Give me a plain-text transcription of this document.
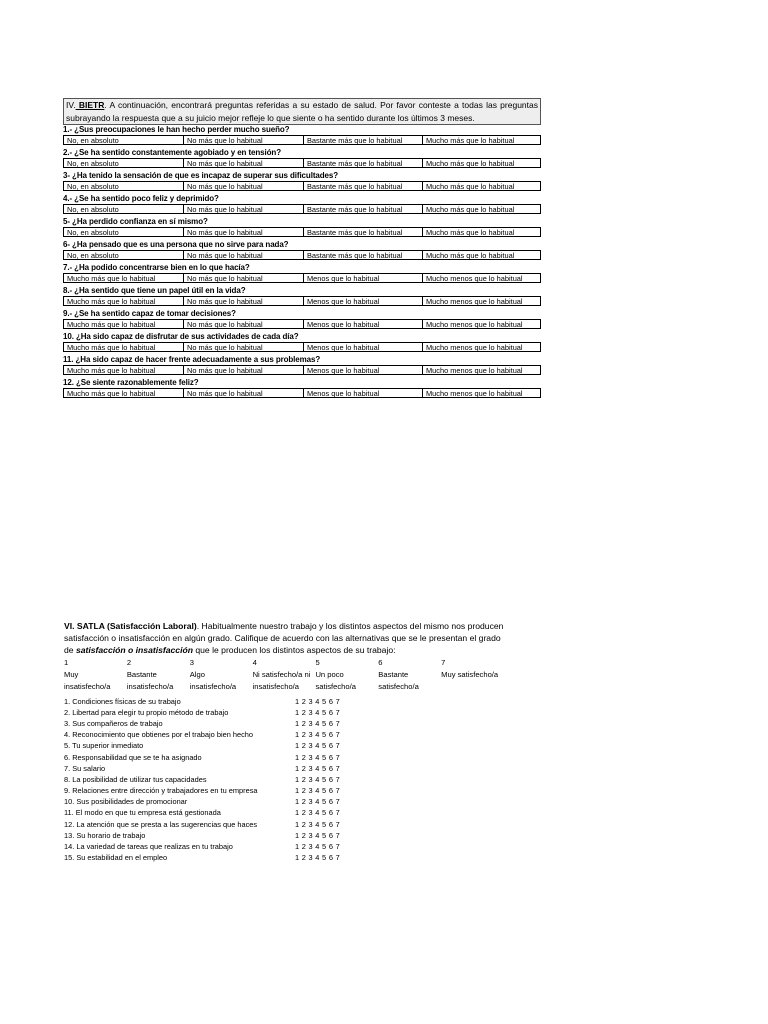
IV. BIETR. A continuación, encontrará preguntas referidas a su estado de salud. Por favor conteste a todas las preguntas subrayando la respuesta que a su juicio mejor refleje lo que siente o ha sentido durante los últimos 3 meses.
1.- ¿Sus preocupaciones le han hecho perder mucho sueño?
No, en absoluto	No más que lo habitual	Bastante más que lo habitual	Mucho más que lo habitual
2.- ¿Se ha sentido constantemente agobiado y en tensión?
No, en absoluto	No más que lo habitual	Bastante más que lo habitual	Mucho más que lo habitual
3- ¿Ha tenido la sensación de que es incapaz de superar sus dificultades?
No, en absoluto	No más que lo habitual	Bastante más que lo habitual	Mucho más que lo habitual
4.- ¿Se ha sentido poco feliz y deprimido?
No, en absoluto	No más que lo habitual	Bastante más que lo habitual	Mucho más que lo habitual
5- ¿Ha perdido confianza en sí mismo?
No, en absoluto	No más que lo habitual	Bastante más que lo habitual	Mucho más que lo habitual
6- ¿Ha pensado que es una persona que no sirve para nada?
No, en absoluto	No más que lo habitual	Bastante más que lo habitual	Mucho más que lo habitual
7.- ¿Ha podido concentrarse bien en lo que hacía?
Mucho más que lo habitual	No más que lo habitual	Menos que lo habitual	Mucho menos que lo habitual
8.- ¿Ha sentido que tiene un papel útil en la vida?
Mucho más que lo habitual	No más que lo habitual	Menos que lo habitual	Mucho menos que lo habitual
9.- ¿Se ha sentido capaz de tomar decisiones?
Mucho más que lo habitual	No más que lo habitual	Menos que lo habitual	Mucho menos que lo habitual
10. ¿Ha sido capaz de disfrutar de sus actividades de cada día?
Mucho más que lo habitual	No más que lo habitual	Menos que lo habitual	Mucho menos que lo habitual
11. ¿Ha sido capaz de hacer frente adecuadamente a sus problemas?
Mucho más que lo habitual	No más que lo habitual	Menos que lo habitual	Mucho menos que lo habitual
12. ¿Se siente razonablemente feliz?
Mucho más que lo habitual	No más que lo habitual	Menos que lo habitual	Mucho menos que lo habitual

VI. SATLA (Satisfacción Laboral). Habitualmente nuestro trabajo y los distintos aspectos del mismo nos producen satisfacción o insatisfacción en algún grado. Califique de acuerdo con las alternativas que se le presentan el grado de satisfacción o insatisfacción que le producen los distintos aspectos de su trabajo:

1
Muy insatisfecho/a
2
Bastante insatisfecho/a
3
Algo insatisfecho/a
4
Ni satisfecho/a ni insatisfecho/a
5
Un poco satisfecho/a
6
Bastante satisfecho/a
7
Muy satisfecho/a
1. Condiciones físicas de su trabajo	1 2 3 4 5 6 7
2. Libertad para elegir tu propio método de trabajo	1 2 3 4 5 6 7
3. Sus compañeros de trabajo	1 2 3 4 5 6 7
4. Reconocimiento que obtienes por el trabajo bien hecho	1 2 3 4 5 6 7
5. Tu superior inmediato	1 2 3 4 5 6 7
6. Responsabilidad que se te ha asignado	1 2 3 4 5 6 7
7. Su salario	1 2 3 4 5 6 7
8. La posibilidad de utilizar tus capacidades	1 2 3 4 5 6 7
9. Relaciones entre dirección y trabajadores en tu empresa	1 2 3 4 5 6 7
10. Sus posibilidades de promocionar	1 2 3 4 5 6 7
11. El modo en que tu empresa está gestionada	1 2 3 4 5 6 7
12. La atención que se presta a las sugerencias que haces	1 2 3 4 5 6 7
13. Su horario de trabajo	1 2 3 4 5 6 7
14. La variedad de tareas que realizas en tu trabajo	1 2 3 4 5 6 7
15. Su estabilidad en el empleo	1 2 3 4 5 6 7
